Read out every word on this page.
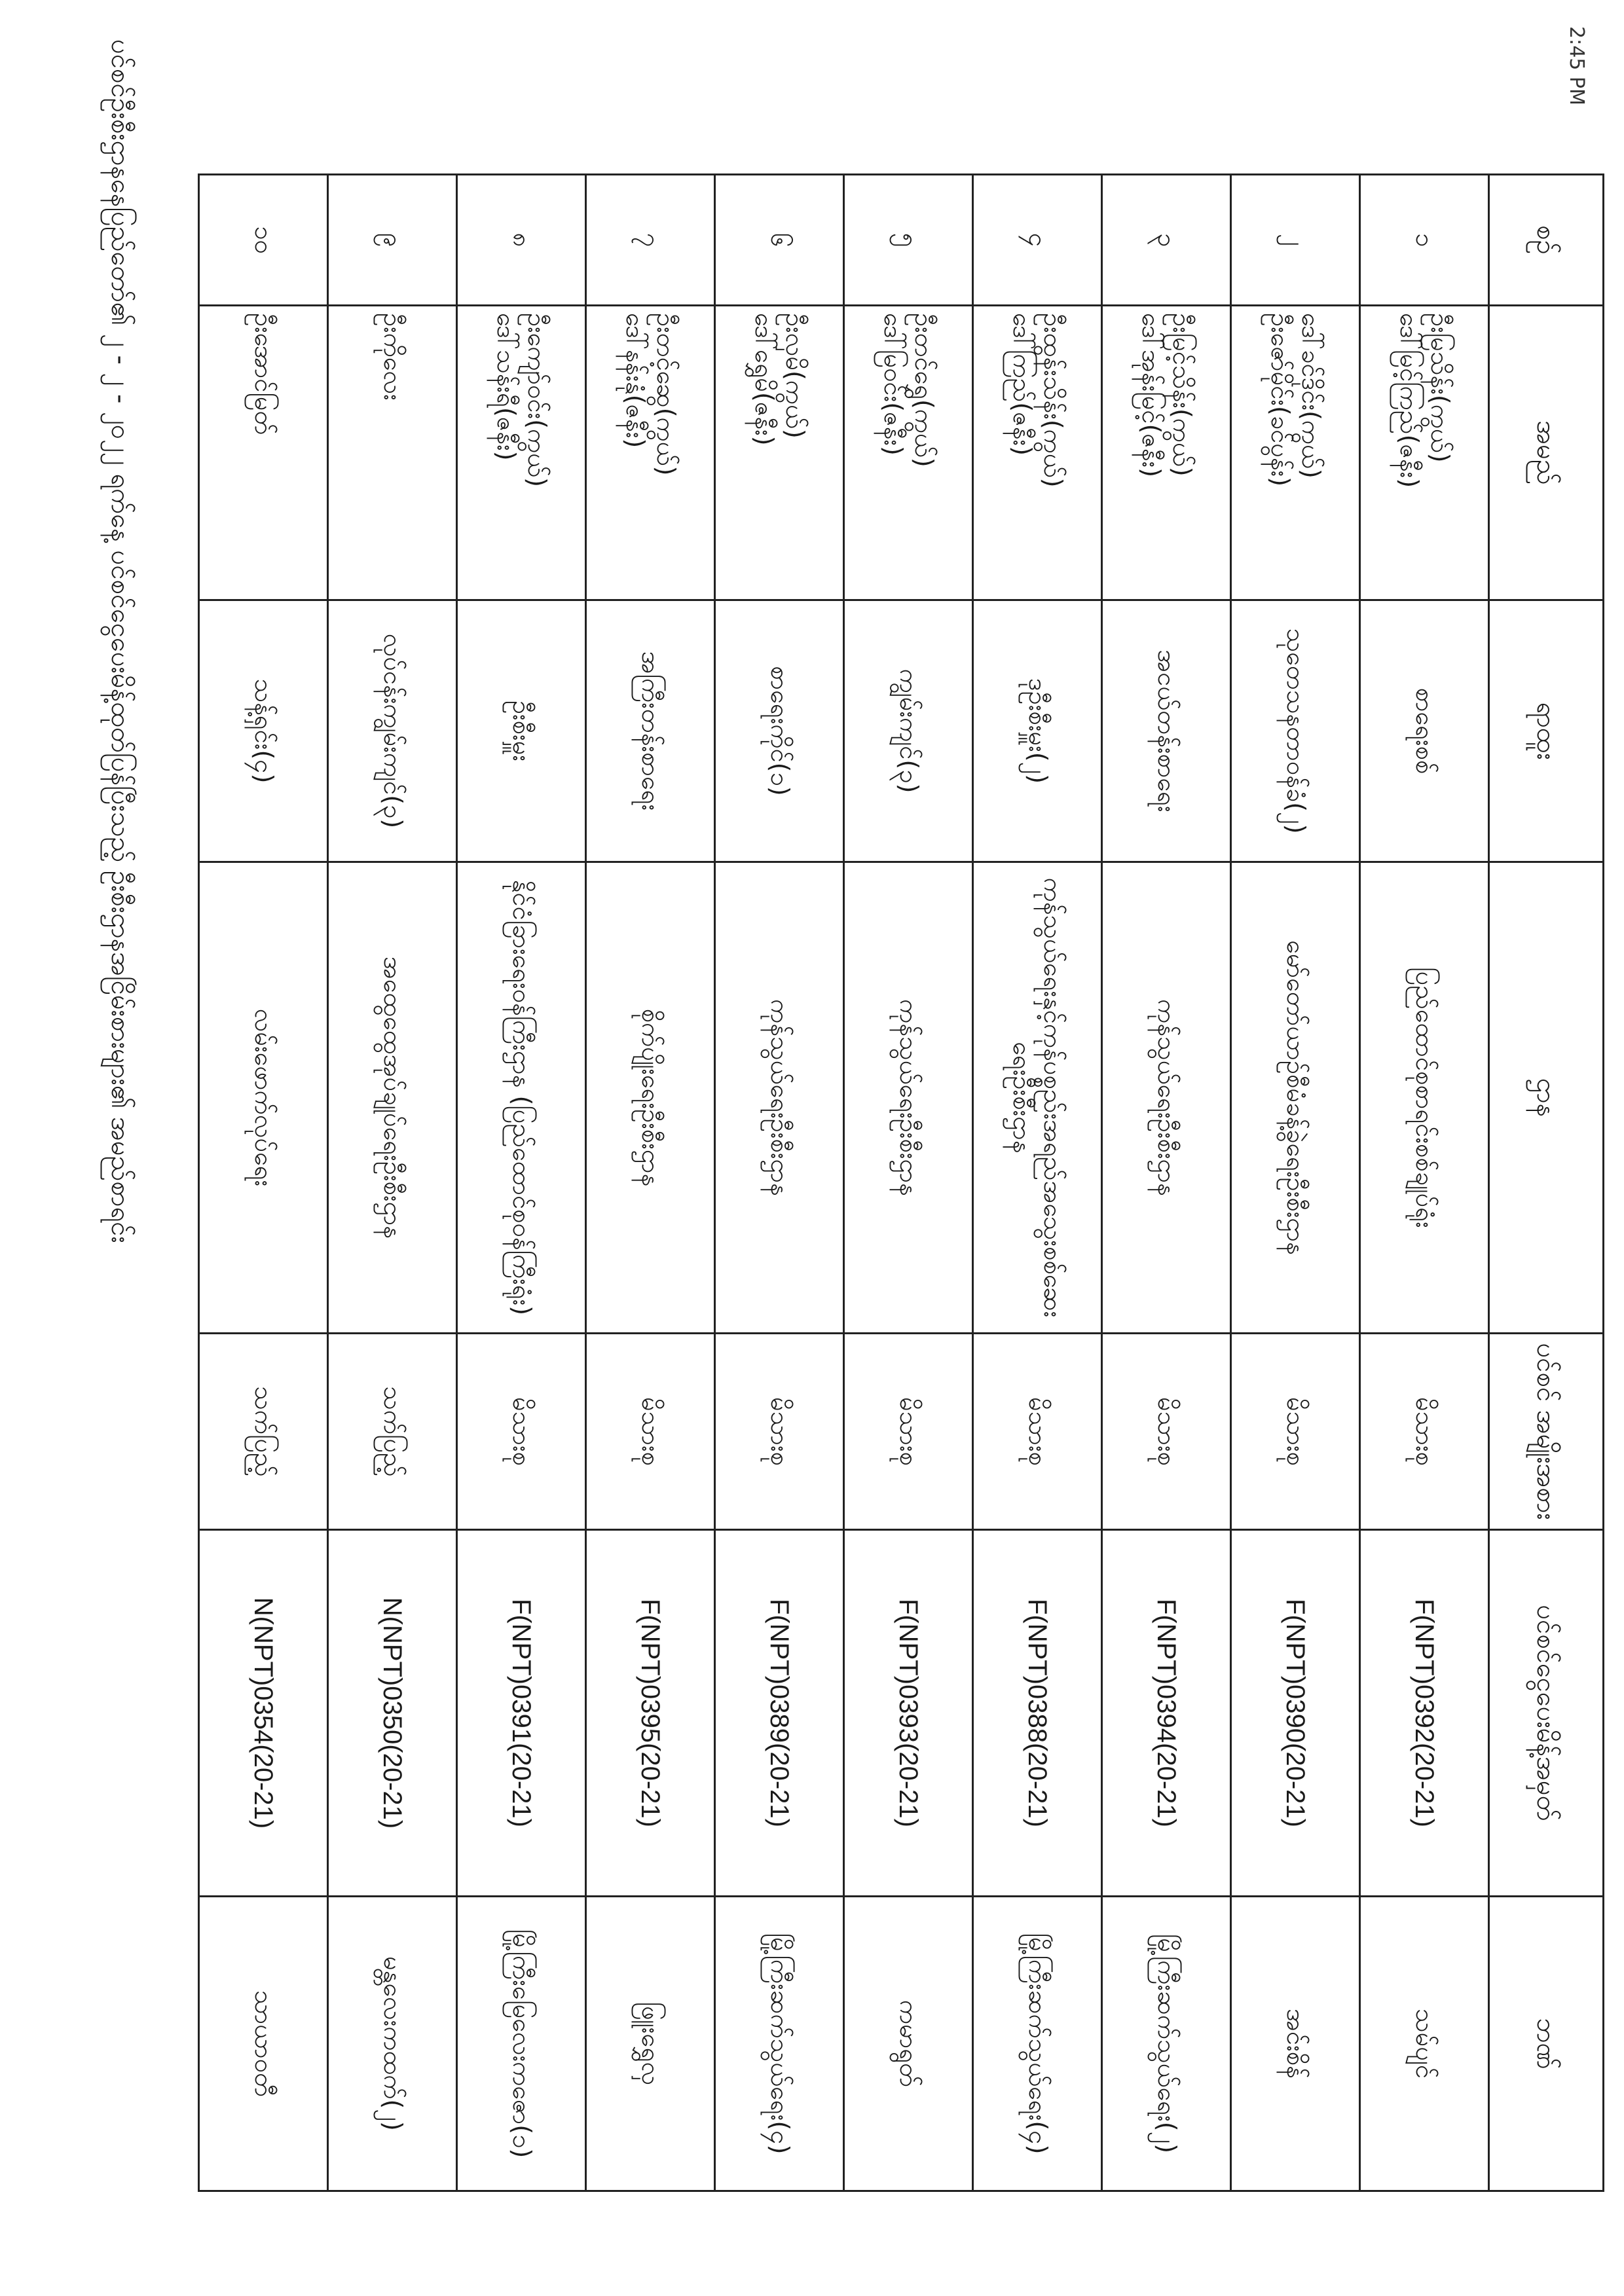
ပင်စင်ဦးစီးဌာနနေပြည်တော်၏ ၂ - ၂ - ၂၀၂၂ ရက်နေ့ ပင်စင်ငွေပေးမိန့်ထုတ်ပြန်ပြီးသည့် ဦးစီးဌာနအငြိမ်းစားများ၏ အမည်စာရင်း	2:45 PM
စဉ်	အမည်	ရာထူး	ဌာန	ပင်စင် အမျိုးအစား	ပင်စင်ငွေပေးမိန့်အမှတ်	ဘဏ်
၁	ဦးမြသိန်း(ကွယ်)
ဒေါ်မြင့်ကြည်(ဇနီး)	စာရေးစစ်	ပြည်ထောင်စုစာရင်းစစ်ချုပ်ရုံး	မိသားစု	F(NPT)0392(20-21)	သမ်ပျင်
၂	ဒေါ်ခင်ဒိုင်း(ကွယ်)
ဦးဇော်မိုင်း(ခင်ပွန်း)	သုတေသနတာဝန်ခံ(၂)	မော်တော်ယာဉ်စီမံခန့်ခွဲရေးဦးစီးဌာန	မိသားစု	F(NPT)0390(20-21)	အင်းစိန်
၃	ဦးမြင့်သိန်း(ကွယ်)
ဒေါ်အုန်းမြင့်(ဇနီး)	အငယ်တန်းစာရေး	ကုန်သွယ်ရေးဦးစီးဌာန	မိသားစု	F(NPT)0394(20-21)	မြို့ကြီးဆက်သွယ်ရေး(၂)
၄	ဦးထွန်းသိန်း(ကွယ်)
ဒေါ်ကြည်(ဇနီး)	ဒုဦးစီးမှူး(၂)	ကုန်သွယ်ရေးနှင့်ကုန်ပစ္စည်းအရည်အသွေးစစ်ဆေးရေးဦးစီးဌာန	မိသားစု	F(NPT)0388(20-21)	မြို့ကြီးဆက်သွယ်ရေး(၄)
၅	ဦးတင်ရွှေ(ကွယ်)
ဒေါ်မြဝင်း(ဇနီး)	ကျွမ်းကျင်(၃)	ကုန်သွယ်ရေးဦးစီးဌာန	မိသားစု	F(NPT)0393(20-21)	ကမာရွတ်
၆	ဦးလှမိ(ကွယ်)
ဒေါ်ရွှေမိ(ဇနီး)	စာရေးကိုင်(၁)	ကုန်သွယ်ရေးဦးစီးဌာန	မိသားစု	F(NPT)0389(20-21)	မြို့ကြီးဆက်သွယ်ရေး(၄)
၇	ဦးတင့်ဆွေ(ကွယ်)
ဒေါ်နန်းနုံ(ဇနီး)	အကြီးတန်းစာရေး	စိုက်ပျိုးရေးဦးစီးဌာန	မိသားစု	F(NPT)0395(20-21)	ဖြူးရွှေလှ
၈	ဦးကျော်ဝင်း(ကွယ်)
ဒေါ်သန်းရီ(ဇနီး)	ဦးစီးမှူး	နိုင်ငံခြားရေးဝန်ကြီးဌာန (ပြည်ထောင်စုဝန်ကြီးရုံး)	မိသားစု	F(NPT)0391(20-21)	မြို့ကြီးမြေလေးကဇော(၁)
၉	ဦးကိုလေး	လုပ်ငန်းကျွမ်းကျင်(၃)	အထွေထွေအုပ်ချုပ်ရေးဦးစီးဌာန	သက်ပြည့်	N(NPT)0350(20-21)	မန္တလေးကထက်(၂)
၁၀	ဦးအောင်မြတ်	သန့်ရှင်း(၄)	လမ်းဖောက်လုပ်ရေး	သက်ပြည့်	N(NPT)0354(20-21)	သာယာဝတီ
